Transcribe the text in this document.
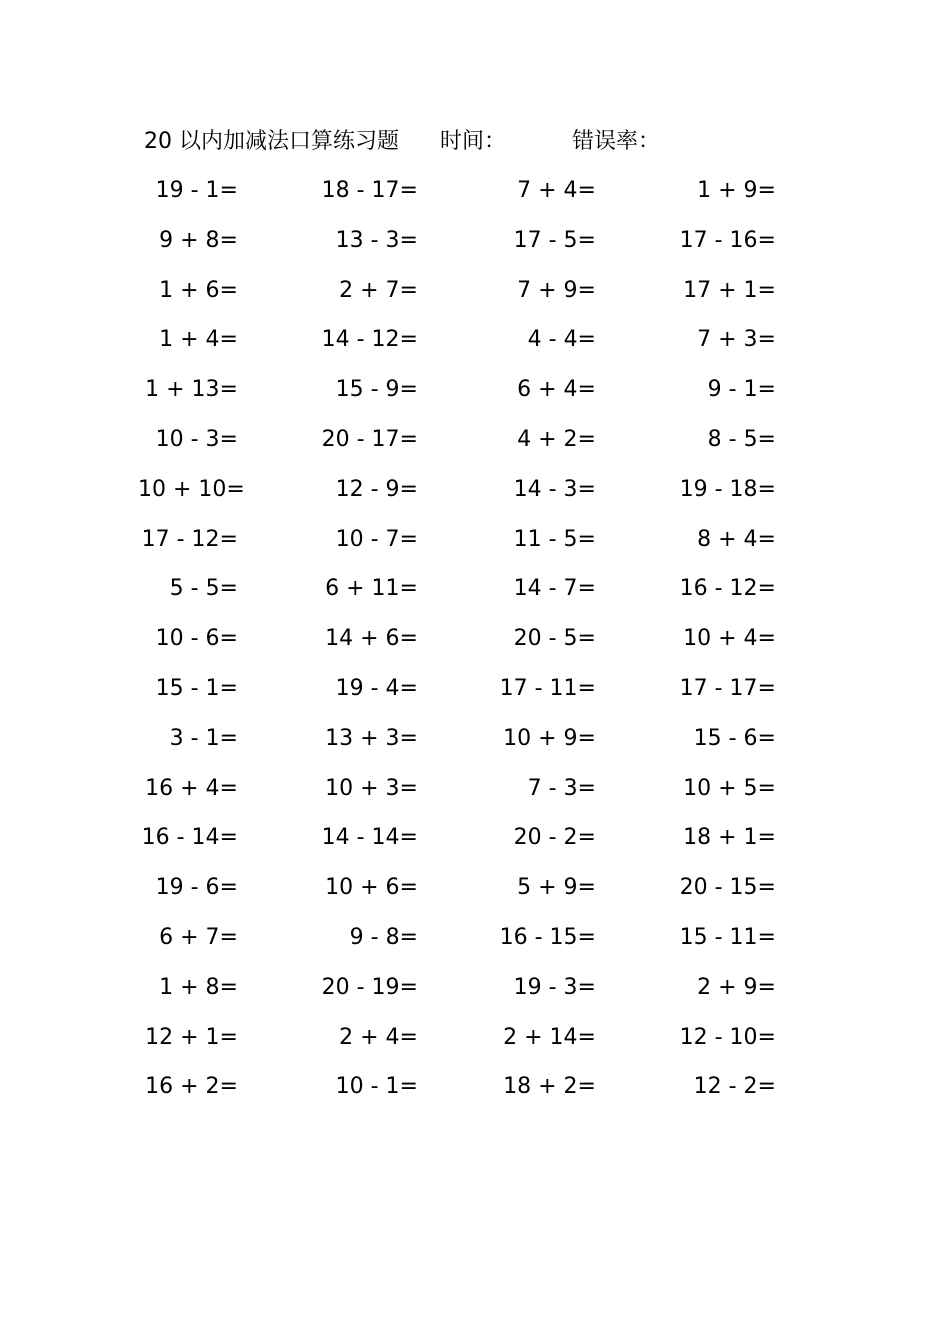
20 以内加减法口算练习题 时间：	错误率：
19 - 1=	18 - 17=	7 + 4=	1 + 9=
9 + 8=	13 - 3=	17 - 5=	17 - 16=
1 + 6=	2 + 7=	7 + 9=	17 + 1=
1 + 4=	14 - 12=	4 - 4=	7 + 3=
1 + 13=	15 - 9=	6 + 4=	9 - 1=
10 - 3=	20 - 17=	4 + 2=	8 - 5=
10 + 10=	12 - 9=	14 - 3=	19 - 18=
17 - 12=	10 - 7=	11 - 5=	8 + 4=
5 - 5=	6 + 11=	14 - 7=	16 - 12=
10 - 6=	14 + 6=	20 - 5=	10 + 4=
15 - 1=	19 - 4=	17 - 11=	17 - 17=
3 - 1=	13 + 3=	10 + 9=	15 - 6=
16 + 4=	10 + 3=	7 - 3=	10 + 5=
16 - 14=	14 - 14=	20 - 2=	18 + 1=
19 - 6=	10 + 6=	5 + 9=	20 - 15=
6 + 7=	9 - 8=	16 - 15=	15 - 11=
1 + 8=	20 - 19=	19 - 3=	2 + 9=
12 + 1=	2 + 4=	2 + 14=	12 - 10=
16 + 2=	10 - 1=	18 + 2=	12 - 2=
